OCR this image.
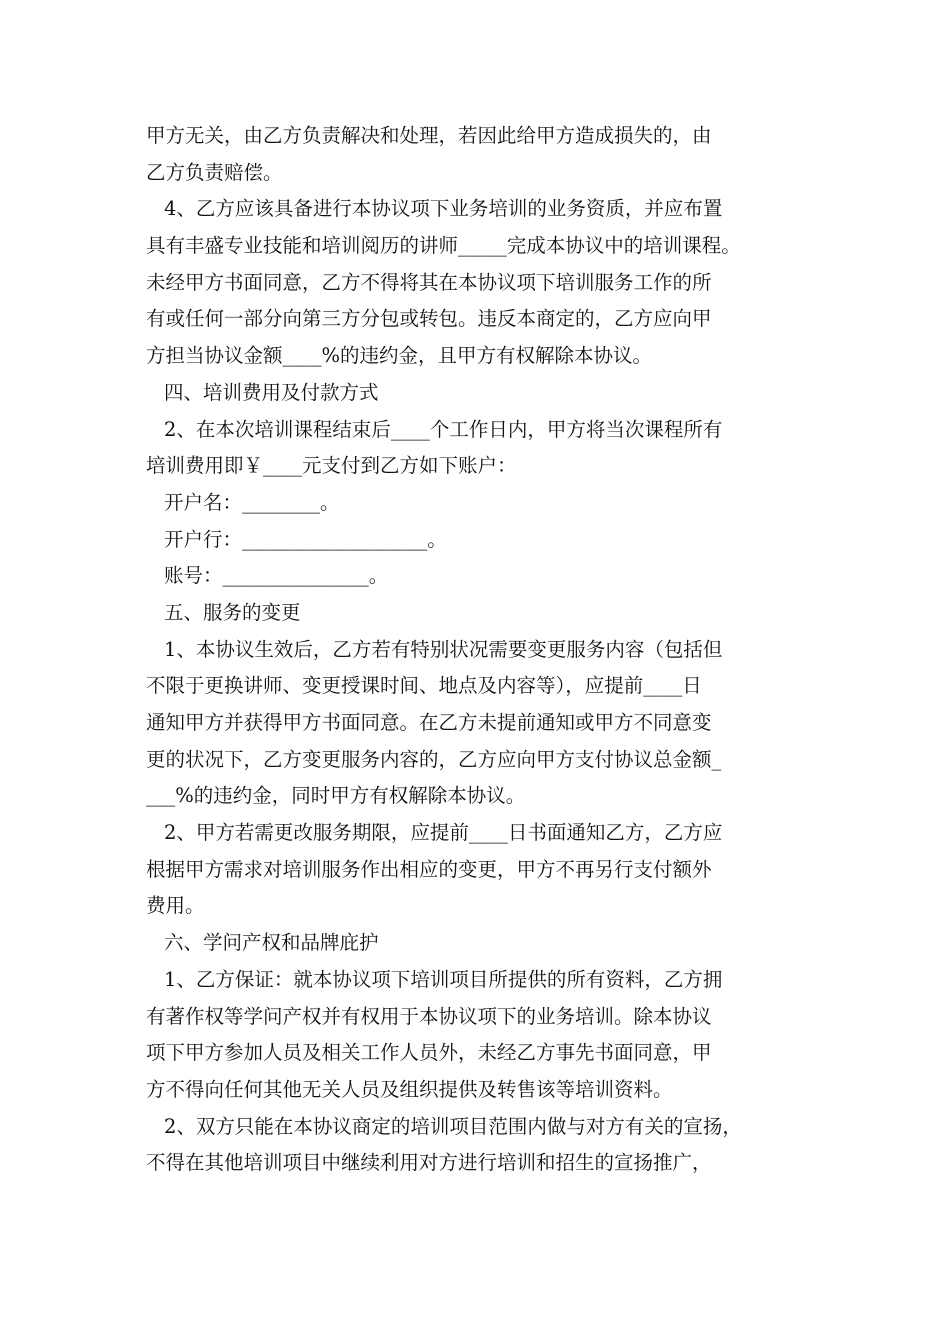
甲方无关，由乙方负责解决和处理，若因此给甲方造成损失的，由
乙方负责赔偿。
4、乙方应该具备进行本协议项下业务培训的业务资质，并应布置
具有丰盛专业技能和培训阅历的讲师_____完成本协议中的培训课程。
未经甲方书面同意，乙方不得将其在本协议项下培训服务工作的所
有或任何一部分向第三方分包或转包。违反本商定的，乙方应向甲
方担当协议金额____%的违约金，且甲方有权解除本协议。
四、培训费用及付款方式
2、在本次培训课程结束后____个工作日内，甲方将当次课程所有
培训费用即￥____元支付到乙方如下账户：
开户名：________。
开户行：___________________。
账号：_______________。
五、服务的变更
1、本协议生效后，乙方若有特别状况需要变更服务内容（包括但
不限于更换讲师、变更授课时间、地点及内容等），应提前____日
通知甲方并获得甲方书面同意。在乙方未提前通知或甲方不同意变
更的状况下，乙方变更服务内容的，乙方应向甲方支付协议总金额_
___%的违约金，同时甲方有权解除本协议。
2、甲方若需更改服务期限，应提前____日书面通知乙方，乙方应
根据甲方需求对培训服务作出相应的变更，甲方不再另行支付额外
费用。
六、学问产权和品牌庇护
1、乙方保证：就本协议项下培训项目所提供的所有资料，乙方拥
有著作权等学问产权并有权用于本协议项下的业务培训。除本协议
项下甲方参加人员及相关工作人员外，未经乙方事先书面同意，甲
方不得向任何其他无关人员及组织提供及转售该等培训资料。
2、双方只能在本协议商定的培训项目范围内做与对方有关的宣扬，
不得在其他培训项目中继续利用对方进行培训和招生的宣扬推广，
